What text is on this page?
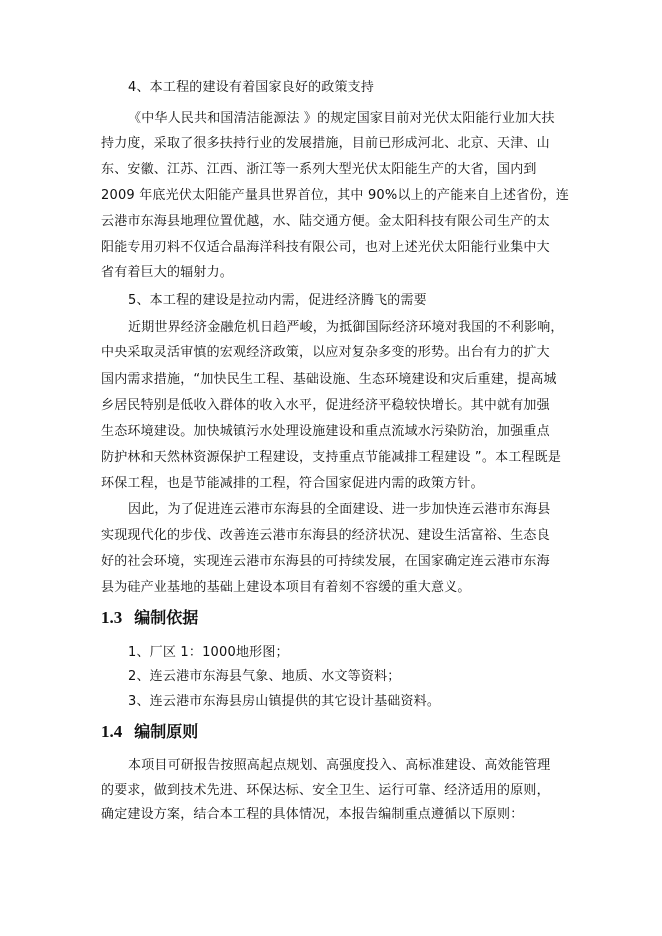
4、本工程的建设有着国家良好的政策支持
《中华人民共和国清洁能源法 》的规定国家目前对光伏太阳能行业加大扶
持力度，采取了很多扶持行业的发展措施，目前已形成河北、北京、天津、山
东、安徽、江苏、江西、浙江等一系列大型光伏太阳能生产的大省，国内到
2009 年底光伏太阳能产量具世界首位，其中 90%以上的产能来自上述省份，连
云港市东海县地理位置优越，水、陆交通方便。金太阳科技有限公司生产的太
阳能专用刃料不仅适合晶海洋科技有限公司，也对上述光伏太阳能行业集中大
省有着巨大的辐射力。
5、本工程的建设是拉动内需，促进经济腾飞的需要
近期世界经济金融危机日趋严峻，为抵御国际经济环境对我国的不利影响，
中央采取灵活审慎的宏观经济政策，以应对复杂多变的形势。出台有力的扩大
国内需求措施，“加快民生工程、基础设施、生态环境建设和灾后重建，提高城
乡居民特别是低收入群体的收入水平，促进经济平稳较快增长。其中就有加强
生态环境建设。加快城镇污水处理设施建设和重点流域水污染防治，加强重点
防护林和天然林资源保护工程建设，支持重点节能减排工程建设 ”。本工程既是
环保工程，也是节能减排的工程，符合国家促进内需的政策方针。
因此，为了促进连云港市东海县的全面建设、进一步加快连云港市东海县
实现现代化的步伐、改善连云港市东海县的经济状况、建设生活富裕、生态良
好的社会环境，实现连云港市东海县的可持续发展，在国家确定连云港市东海
县为硅产业基地的基础上建设本项目有着刻不容缓的重大意义。
1.3 编制依据
1、厂区 1：1000地形图；
2、连云港市东海县气象、地质、水文等资料；
3、连云港市东海县房山镇提供的其它设计基础资料。
1.4 编制原则
本项目可研报告按照高起点规划、高强度投入、高标准建设、高效能管理
的要求，做到技术先进、环保达标、安全卫生、运行可靠、经济适用的原则，
确定建设方案，结合本工程的具体情况，本报告编制重点遵循以下原则：
